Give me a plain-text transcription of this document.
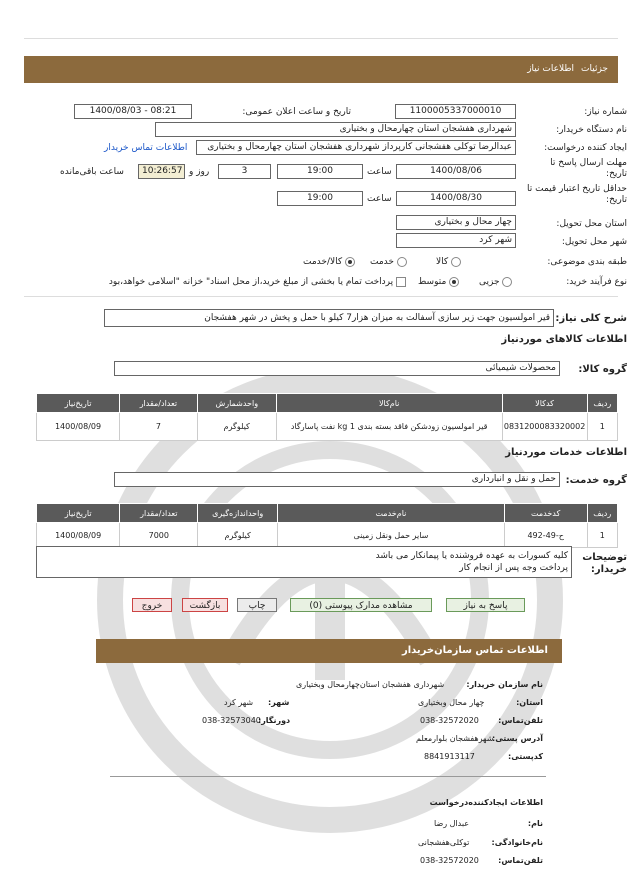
جزئیات
اطلاعات نیاز
شماره نیاز:
1100005337000010
تاریخ و ساعت اعلان عمومی:
1400/08/03 - 08:21
نام دستگاه خریدار:
شهرداری هفشجان استان چهارمحال و بختیاری
ایجاد کننده درخواست:
عبدالرضا توکلی هفشجانی کارپرداز شهرداری هفشجان استان چهارمحال و بختیاری
اطلاعات تماس خریدار
مهلت ارسال پاسخ تا تاریخ:
1400/08/06
ساعت
19:00
3
روز و
10:26:57
ساعت باقی‌مانده
حداقل تاریخ اعتبار قیمت تا تاریخ:
1400/08/30
ساعت
19:00
استان محل تحویل:
چهار محال و بختیاری
شهر محل تحویل:
شهر کرد
طبقه بندی موضوعی:
کالا
خدمت
کالا/خدمت
نوع فرآیند خرید:
جزیی
متوسط
پرداخت تمام یا بخشی از مبلغ خرید،از محل اسناد" خزانه "اسلامی خواهد،بود
شرح کلی نیاز:
قیر امولسیون جهت زیر سازی آسفالت به میزان هزار7 کیلو با حمل و پخش در شهر هفشجان
اطلاعات کالاهای موردنیاز
گروه کالا:
محصولات شیمیائی
ردیف	کدکالا	نام‌کالا	واحدشمارش	تعداد/مقدار	تاریخ‌نیاز
1	0831200083320002	قیر امولسیون زودشکن فاقد بسته بندی 1 kg نفت پاسارگاد	کیلوگرم	7	1400/08/09
اطلاعات خدمات موردنیاز
گروه خدمت:
حمل و نقل و انبارداری
ردیف	کدخدمت	نام‌خدمت	واحداندازه‌گیری	تعداد/مقدار	تاریخ‌نیاز
1	ح-49-492	سایر حمل ونقل زمینی	کیلوگرم	7000	1400/08/09
توضیحات خریدار:
کلیه کسورات به عهده فروشنده یا پیمانکار می باشد
پرداخت وجه پس از انجام کار
پاسخ به نیاز
مشاهده مدارک پیوستی (0)
چاپ
بازگشت
خروج
اطلاعات تماس سازمان‌خریدار
نام سازمان خریدار:
شهرداری هفشجان استان‌چهارمحال وبختیاری
استان:
چهار محال وبختیاری
شهر:
شهر کرد
تلفن‌تماس:
038-32572020
دورنگار:
038-32573040
آدرس پستی:
شهرهفشجان بلوارمعلم
کدپستی:
8841913117
اطلاعات ایجادکننده‌درخواست
نام:
عبدال رضا
نام‌خانوادگی:
توکلی‌هفشجانی
تلفن‌تماس:
038-32572020
